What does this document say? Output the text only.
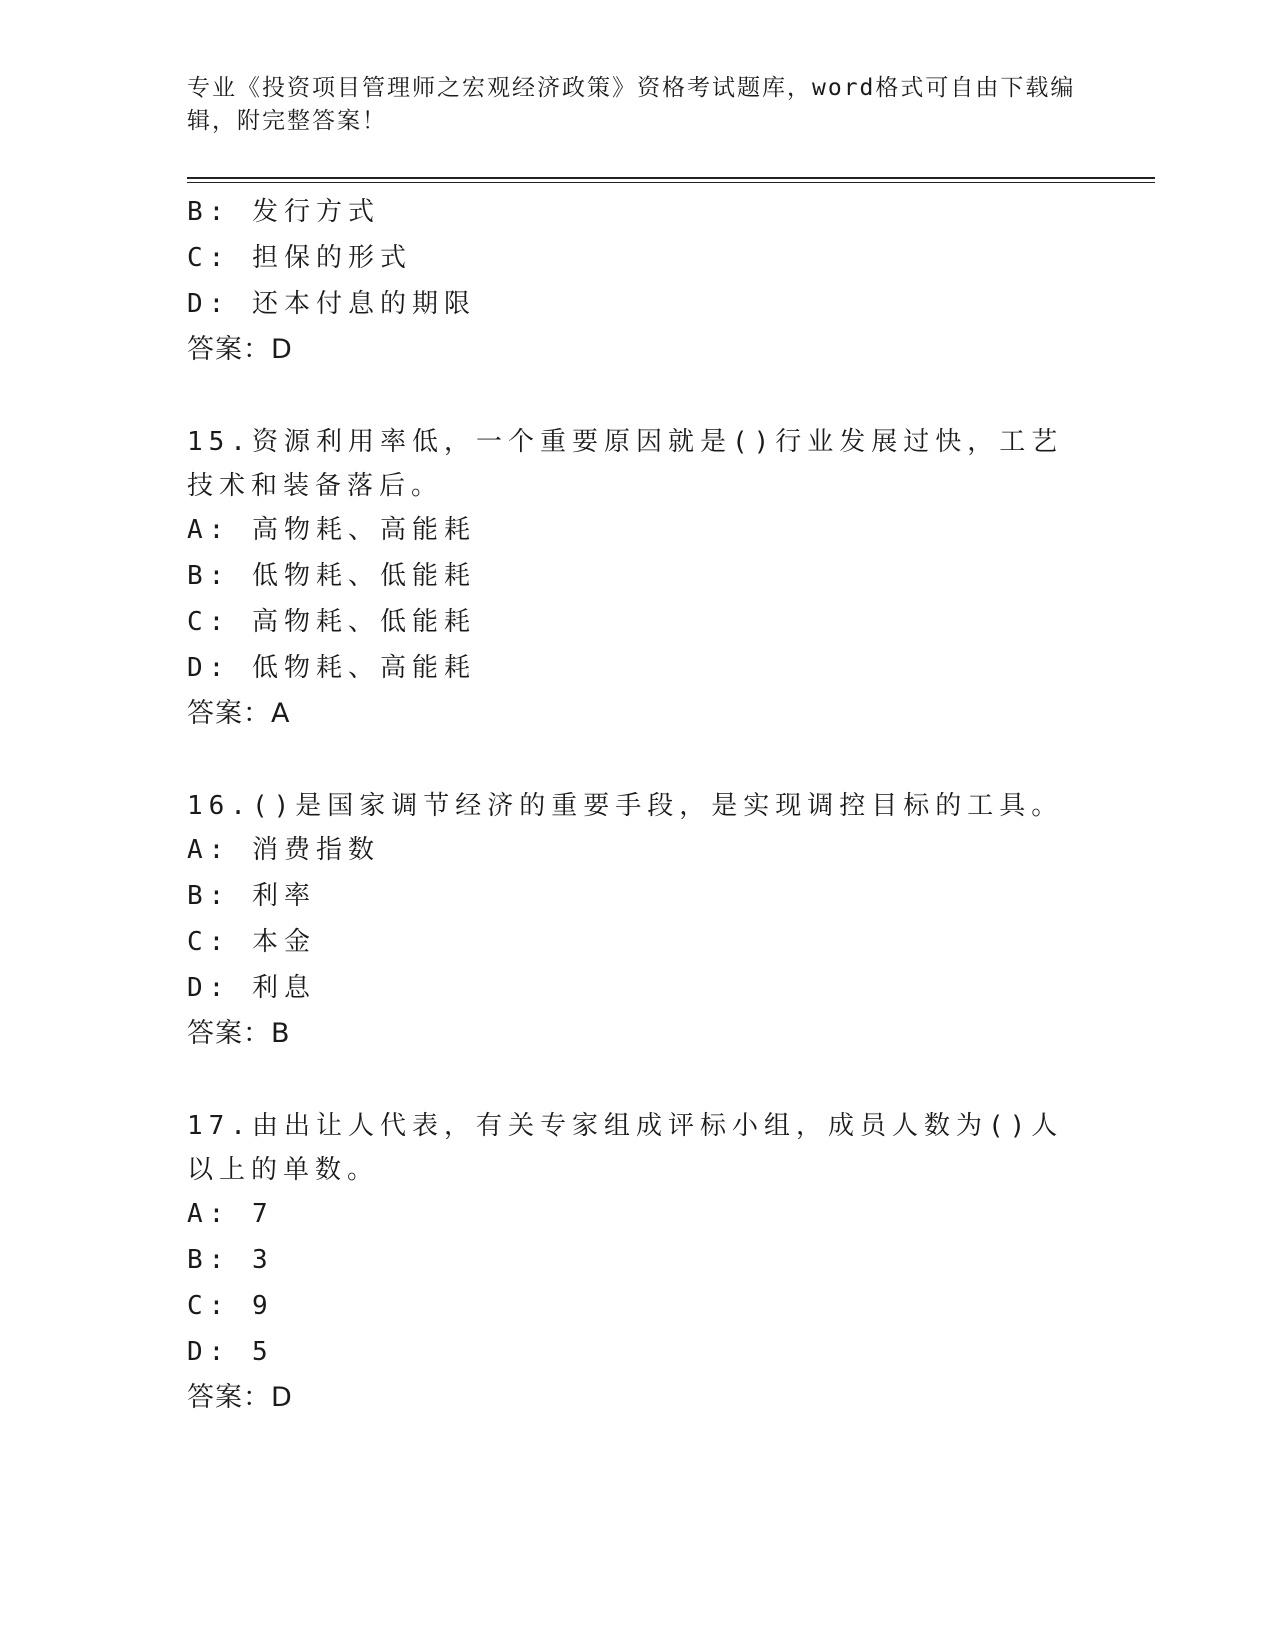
专业《投资项目管理师之宏观经济政策》资格考试题库，word格式可自由下载编辑，附完整答案！
B: 发行方式
C: 担保的形式
D: 还本付息的期限
答案：D
15.资源利用率低，一个重要原因就是()行业发展过快，工艺技术和装备落后。
A: 高物耗、高能耗
B: 低物耗、低能耗
C: 高物耗、低能耗
D: 低物耗、高能耗
答案：A
16.()是国家调节经济的重要手段，是实现调控目标的工具。
A: 消费指数
B: 利率
C: 本金
D: 利息
答案：B
17.由出让人代表，有关专家组成评标小组，成员人数为()人以上的单数。
A: 7
B: 3
C: 9
D: 5
答案：D
